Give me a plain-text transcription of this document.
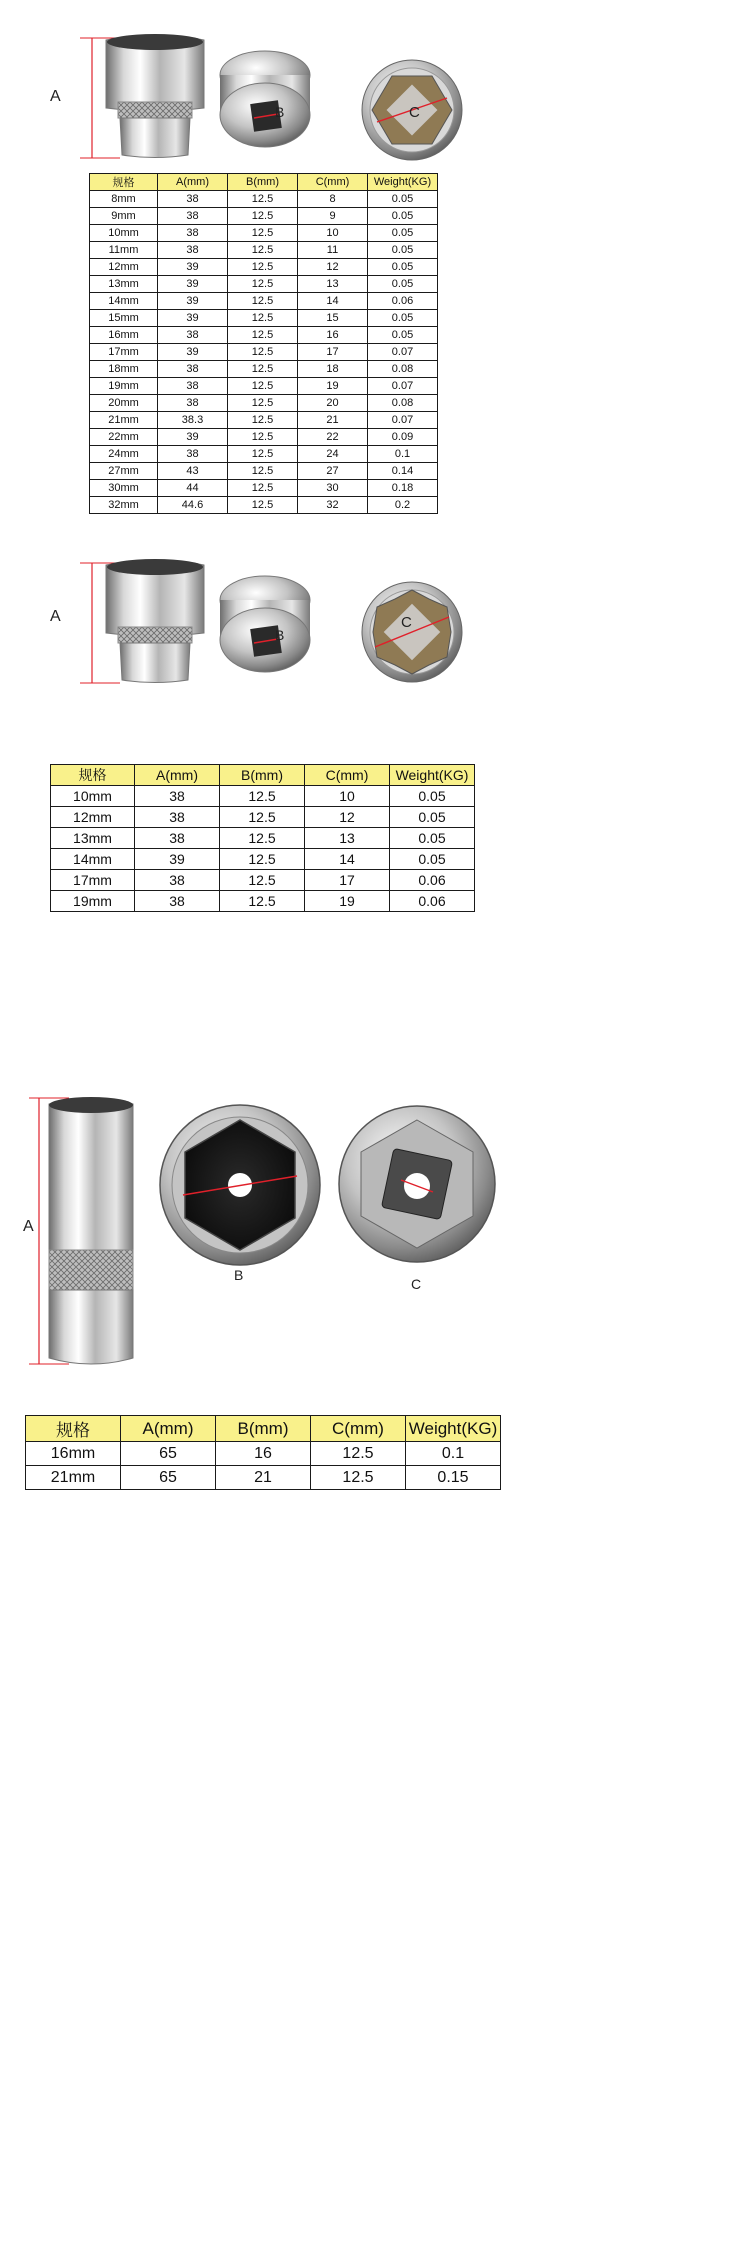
A
B	C
规格	A(mm)	B(mm)	C(mm)	Weight(KG)
8mm	38	12.5	8	0.05
9mm	38	12.5	9	0.05
10mm	38	12.5	10	0.05
11mm	38	12.5	11	0.05
12mm	39	12.5	12	0.05
13mm	39	12.5	13	0.05
14mm	39	12.5	14	0.06
15mm	39	12.5	15	0.05
16mm	38	12.5	16	0.05
17mm	39	12.5	17	0.07
18mm	38	12.5	18	0.08
19mm	38	12.5	19	0.07
20mm	38	12.5	20	0.08
21mm	38.3	12.5	21	0.07
22mm	39	12.5	22	0.09
24mm	38	12.5	24	0.1
27mm	43	12.5	27	0.14
30mm	44	12.5	30	0.18
32mm	44.6	12.5	32	0.2
A
B
C
规格	A(mm)	B(mm)	C(mm)	Weight(KG)
10mm	38	12.5	10	0.05
12mm	38	12.5	12	0.05
13mm	38	12.5	13	0.05
14mm	39	12.5	14	0.05
17mm	38	12.5	17	0.06
19mm	38	12.5	19	0.06
A
B
C
规格	A(mm)	B(mm)	C(mm)	Weight(KG)
16mm	65	16	12.5	0.1
21mm	65	21	12.5	0.15
